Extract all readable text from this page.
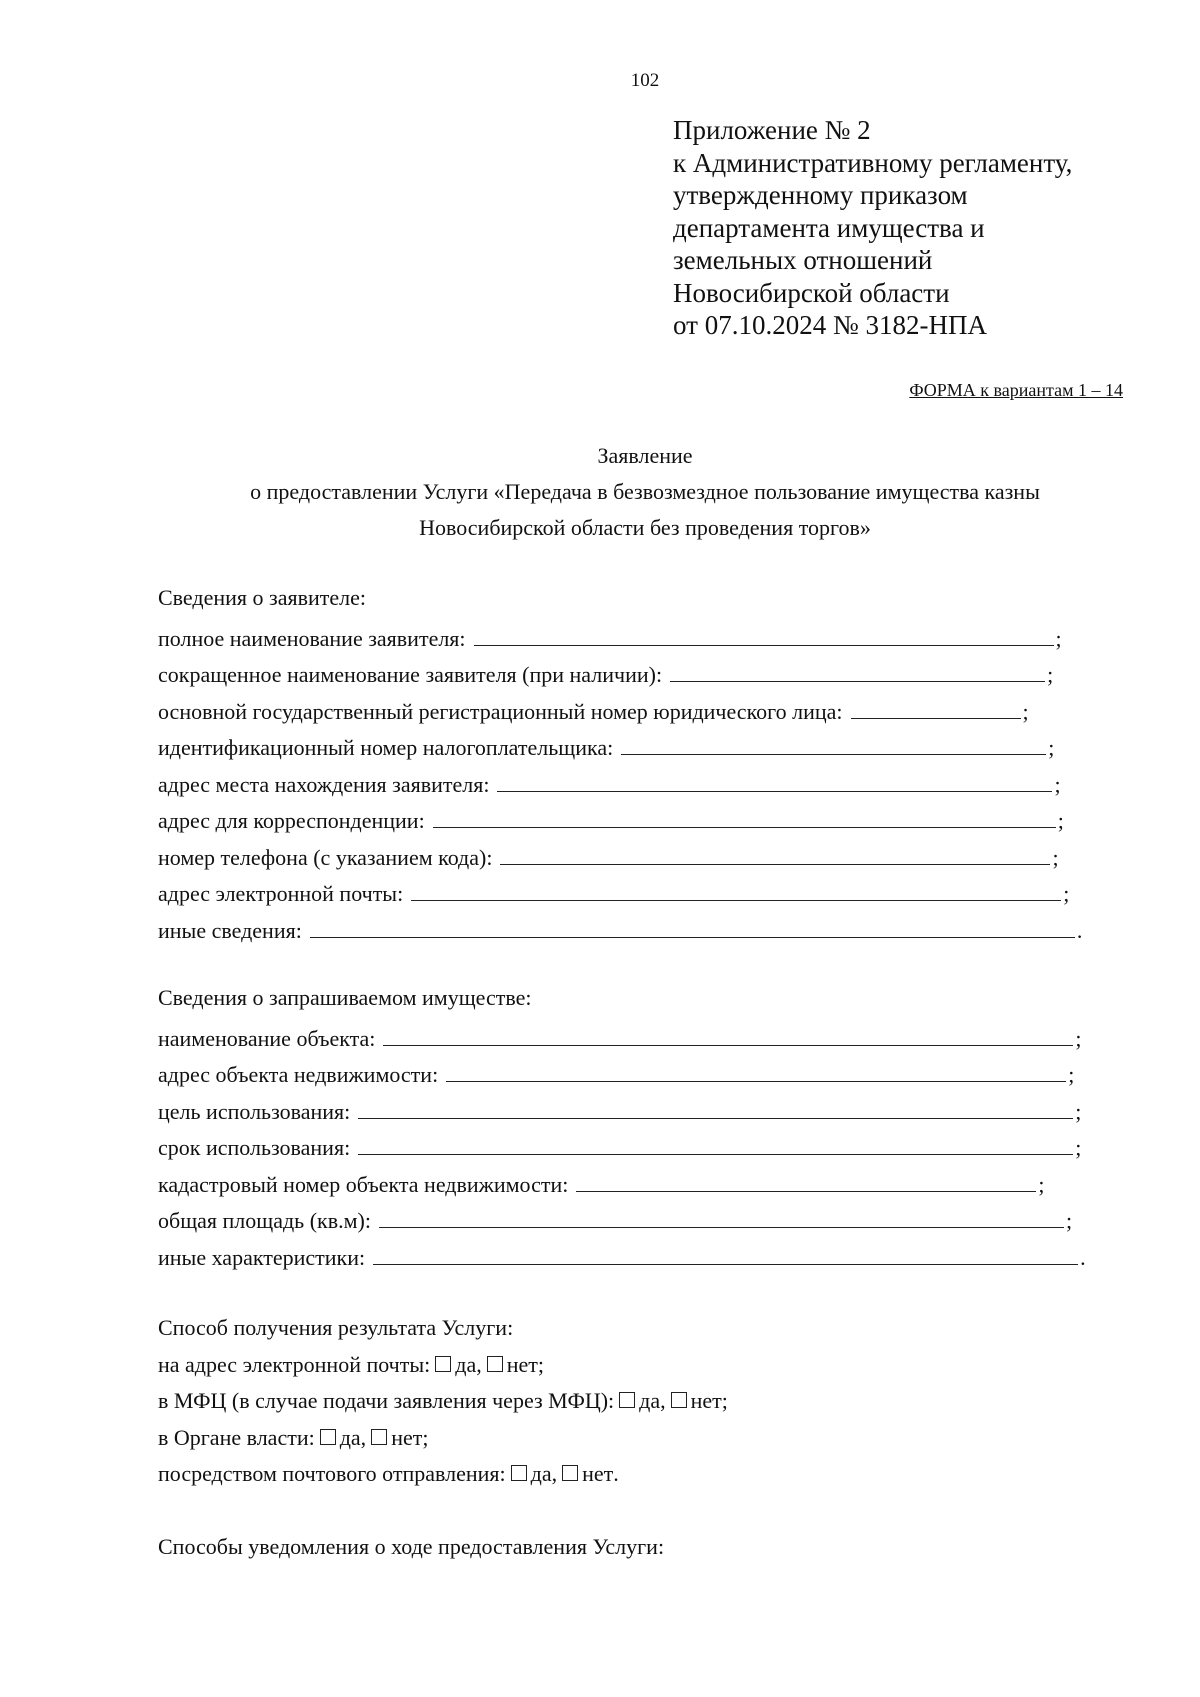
102
Приложение № 2
к Административному регламенту,
утвержденному приказом
департамента имущества и
земельных отношений
Новосибирской области
от 07.10.2024 № 3182-НПА
ФОРМА к вариантам 1 – 14
Заявление
о предоставлении Услуги «Передача в безвозмездное пользование имущества казны
Новосибирской области без проведения торгов»
Сведения о заявителе:
полное наименование заявителя:	;
сокращенное наименование заявителя (при наличии):	;
основной государственный регистрационный номер юридического лица:	;
идентификационный номер налогоплательщика:	;
адрес места нахождения заявителя:	;
адрес для корреспонденции:	;
номер телефона (с указанием кода):	;
адрес электронной почты:	;
иные сведения:	.
Сведения о запрашиваемом имуществе:
наименование объекта:	;
адрес объекта недвижимости:	;
цель использования:	;
срок использования:	;
кадастровый номер объекта недвижимости:	;
общая площадь (кв.м):	;
иные характеристики:	.
Способ получения результата Услуги:
на адрес электронной почты: да, нет ;
в МФЦ (в случае подачи заявления через МФЦ): да, нет ;
в Органе власти: да, нет ;
посредством почтового отправления: да, нет .
Способы уведомления о ходе предоставления Услуги:
